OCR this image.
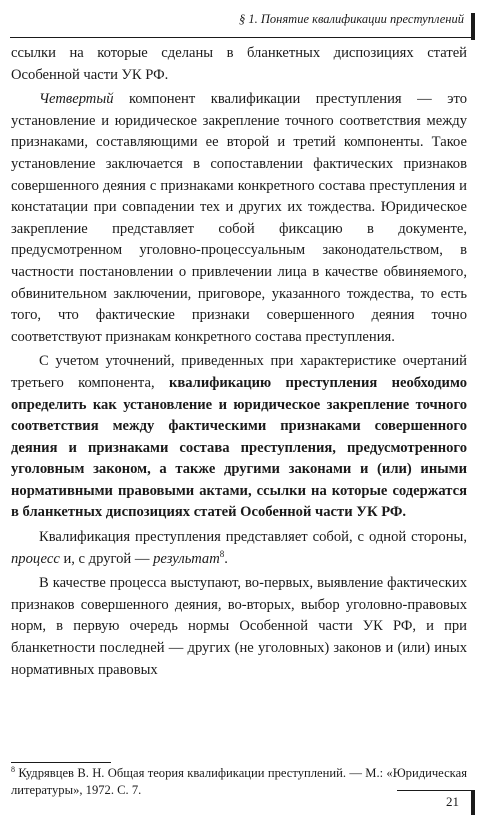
§ 1. Понятие квалификации преступлений

ссылки на которые сделаны в бланкетных диспозициях статей Особенной части УК РФ.

Четвертый компонент квалификации преступления — это установление и юридическое закрепление точного соответствия между признаками, составляющими ее второй и третий компоненты. Такое установление заключается в сопоставлении фактических признаков совершенного деяния с признаками конкретного состава преступления и констатации при совпадении тех и других их тождества. Юридическое закрепление представляет собой фиксацию в документе, предусмотренном уголовно-процессуальным законодательством, в частности постановлении о привлечении лица в качестве обвиняемого, обвинительном заключении, приговоре, указанного тождества, то есть того, что фактические признаки совершенного деяния точно соответствуют признакам конкретного состава преступления.

С учетом уточнений, приведенных при характеристике очертаний третьего компонента, квалификацию преступления необходимо определить как установление и юридическое закрепление точного соответствия между фактическими признаками совершенного деяния и признаками состава преступления, предусмотренного уголовным законом, а также другими законами и (или) иными нормативными правовыми актами, ссылки на которые содержатся в бланкетных диспозициях статей Особенной части УК РФ.

Квалификация преступления представляет собой, с одной стороны, процесс и, с другой — результат$^8$.

В качестве процесса выступают, во-первых, выявление фактических признаков совершенного деяния, во-вторых, выбор уголовно-правовых норм, в первую очередь нормы Особенной части УК РФ, и при бланкетности последней — других (не уголовных) законов и (или) иных нормативных правовых

$^8$ Кудрявцев В. Н. Общая теория квалификации преступлений. — М.: «Юридическая литературы», 1972. С. 7.

21
